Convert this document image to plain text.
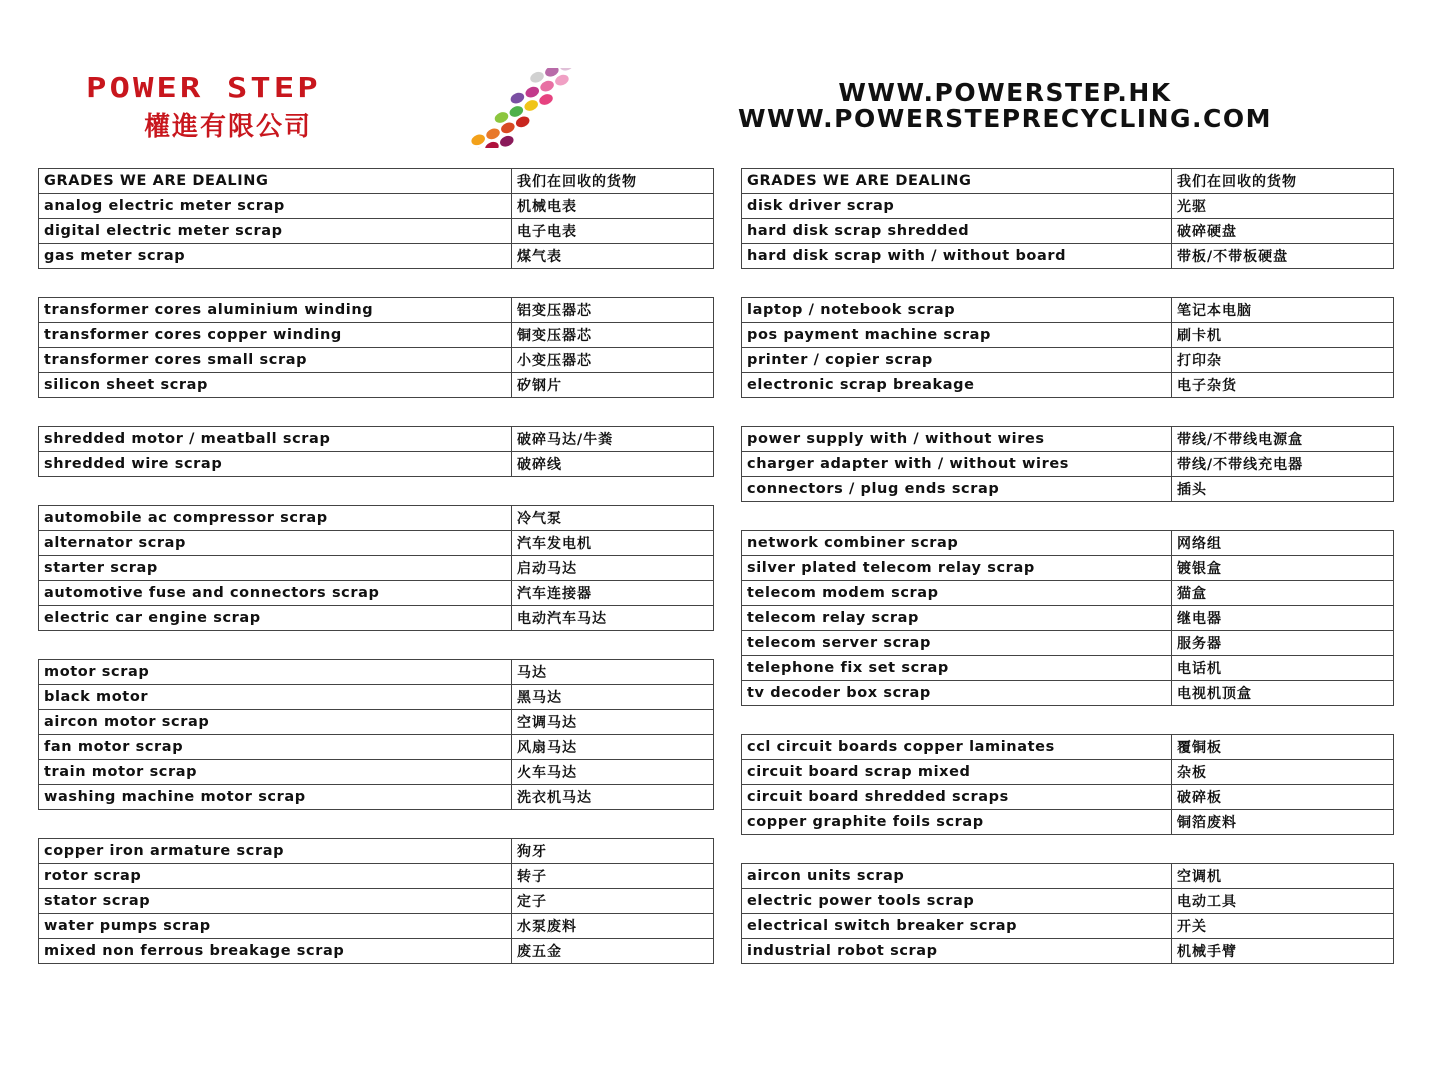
POWER STEP
權進有限公司
WWW.POWERSTEP.HK
WWW.POWERSTEPRECYCLING.COM
GRADES WE ARE DEALING	我们在回收的货物
analog electric meter scrap	机械电表
digital electric meter scrap	电子电表
gas meter scrap	煤气表
transformer cores aluminium winding	铝变压器芯
transformer cores copper winding	铜变压器芯
transformer cores small scrap	小变压器芯
silicon sheet scrap	矽钢片
shredded motor / meatball scrap	破碎马达/牛粪
shredded wire scrap	破碎线
automobile ac compressor scrap	冷气泵
alternator scrap	汽车发电机
starter scrap	启动马达
automotive fuse and connectors scrap	汽车连接器
electric car engine scrap	电动汽车马达
motor scrap	马达
black motor	黑马达
aircon motor scrap	空调马达
fan motor scrap	风扇马达
train motor scrap	火车马达
washing machine motor scrap	洗衣机马达
copper iron armature scrap	狗牙
rotor scrap	转子
stator scrap	定子
water pumps scrap	水泵废料
mixed non ferrous breakage scrap	废五金
GRADES WE ARE DEALING	我们在回收的货物
disk driver scrap	光驱
hard disk scrap shredded	破碎硬盘
hard disk scrap with / without board	带板/不带板硬盘
laptop / notebook scrap	笔记本电脑
pos payment machine scrap	刷卡机
printer / copier scrap	打印杂
electronic scrap breakage	电子杂货
power supply with / without wires	带线/不带线电源盒
charger adapter with / without wires	带线/不带线充电器
connectors / plug ends scrap	插头
network combiner scrap	网络组
silver plated telecom relay scrap	镀银盒
telecom modem scrap	猫盒
telecom relay scrap	继电器
telecom server scrap	服务器
telephone fix set scrap	电话机
tv decoder box scrap	电视机顶盒
ccl circuit boards copper laminates	覆铜板
circuit board scrap mixed	杂板
circuit board shredded scraps	破碎板
copper graphite foils scrap	铜箔废料
aircon units scrap	空调机
electric power tools scrap	电动工具
electrical switch breaker scrap	开关
industrial robot scrap	机械手臂
